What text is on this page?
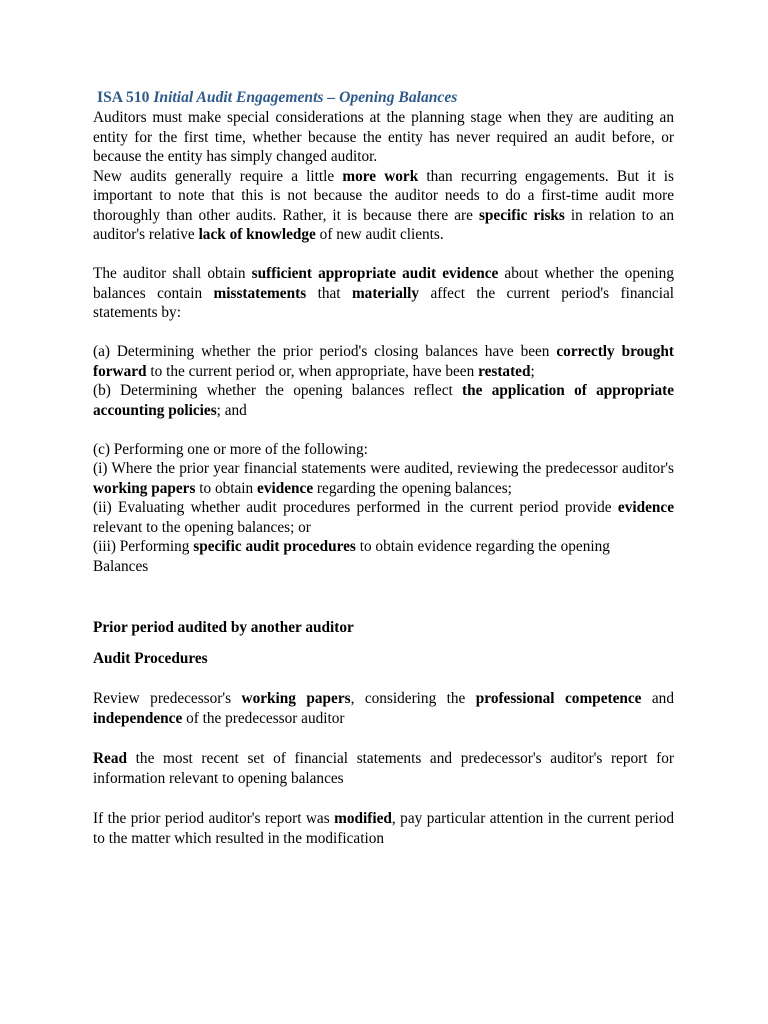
ISA 510 Initial Audit Engagements – Opening Balances

Auditors must make special considerations at the planning stage when they are auditing an entity for the first time, whether because the entity has never required an audit before, or because the entity has simply changed auditor.

New audits generally require a little more work than recurring engagements. But it is important to note that this is not because the auditor needs to do a first-time audit more thoroughly than other audits. Rather, it is because there are specific risks in relation to an auditor's relative lack of knowledge of new audit clients.

The auditor shall obtain sufficient appropriate audit evidence about whether the opening balances contain misstatements that materially affect the current period's financial statements by:

(a) Determining whether the prior period's closing balances have been correctly brought forward to the current period or, when appropriate, have been restated;

(b) Determining whether the opening balances reflect the application of appropriate accounting policies; and

(c) Performing one or more of the following:

(i) Where the prior year financial statements were audited, reviewing the predecessor auditor's working papers to obtain evidence regarding the opening balances;

(ii) Evaluating whether audit procedures performed in the current period provide evidence relevant to the opening balances; or

(iii) Performing specific audit procedures to obtain evidence regarding the opening

Balances

Prior period audited by another auditor

Audit Procedures

Review predecessor's working papers, considering the professional competence and independence of the predecessor auditor

Read the most recent set of financial statements and predecessor's auditor's report for information relevant to opening balances

If the prior period auditor's report was modified, pay particular attention in the current period to the matter which resulted in the modification
